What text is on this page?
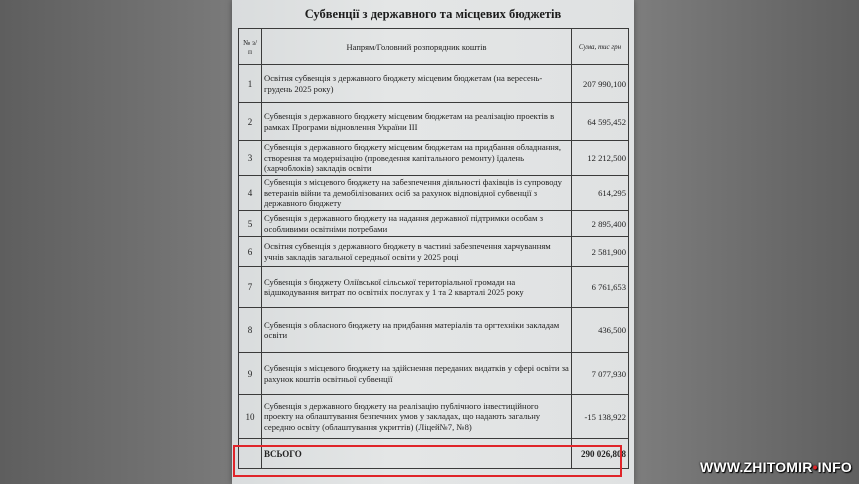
Субвенції з державного та місцевих бюджетів
№ з/п	Напрям/Головний розпорядник коштів	Сума, тис грн
1	Освітня субвенція з державного бюджету місцевим бюджетам (на вересень-грудень 2025 року)	207 990,100
2	Субвенція з державного бюджету місцевим бюджетам на реалізацію проектів в рамках Програми відновлення України ІІІ	64 595,452
3	Субвенція з державного бюджету місцевим бюджетам на придбання обладнання, створення та модернізацію (проведення капітального ремонту) їдалень (харчоблоків) закладів освіти	12 212,500
4	Субвенція з місцевого бюджету на забезпечення діяльності фахівців із супроводу ветеранів війни та демобілізованих осіб за рахунок відповідної субвенції з державного бюджету	614,295
5	Субвенція з державного бюджету на надання державної підтримки особам з особливими освітніми потребами	2 895,400
6	Освітня субвенція з державного бюджету в частині забезпечення харчуванням учнів закладів загальної середньої освіти у 2025 році	2 581,900
7	Субвенція з бюджету Оліївської сільської територіальної громади на відшкодування витрат по освітніх послугах у 1 та 2 кварталі 2025 року	6 761,653
8	Субвенція з обласного бюджету на придбання матеріалів та оргтехніки закладам освіти	436,500
9	Субвенція з місцевого бюджету на здійснення переданих видатків у сфері освіти за рахунок коштів освітньої субвенції	7 077,930
10	Субвенція з державного бюджету на реалізацію публічного інвестиційного проекту на облаштування безпечних умов у закладах, що надають загальну середню освіту (облаштування укриттів) (Ліцей№7, №8)	-15 138,922
	ВСЬОГО	290 026,808
WWW.ZHITOMIR•INFO
